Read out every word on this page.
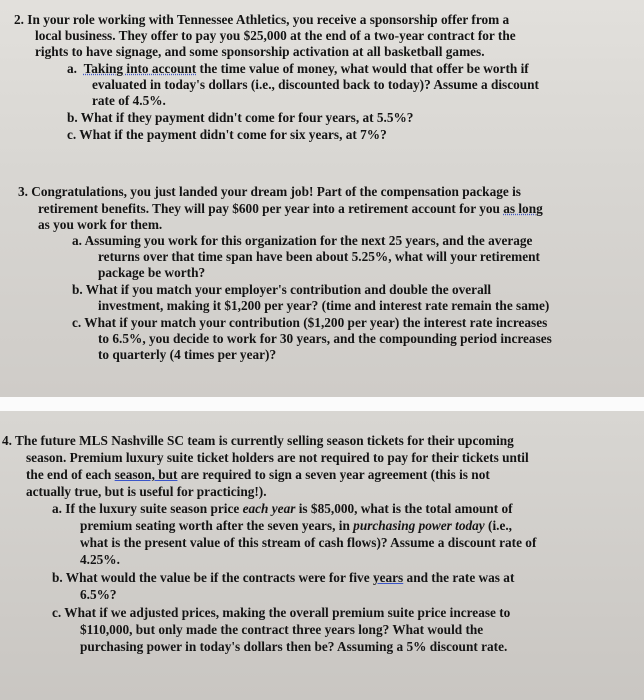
2. In your role working with Tennessee Athletics, you receive a sponsorship offer from a
local business. They offer to pay you $25,000 at the end of a two-year contract for the
rights to have signage, and some sponsorship activation at all basketball games.
a. Taking into account the time value of money, what would that offer be worth if
evaluated in today's dollars (i.e., discounted back to today)? Assume a discount
rate of 4.5%.
b. What if they payment didn't come for four years, at 5.5%?
c. What if the payment didn't come for six years, at 7%?
3. Congratulations, you just landed your dream job! Part of the compensation package is
retirement benefits. They will pay $600 per year into a retirement account for you as long
as you work for them.
a. Assuming you work for this organization for the next 25 years, and the average
returns over that time span have been about 5.25%, what will your retirement
package be worth?
b. What if you match your employer's contribution and double the overall
investment, making it $1,200 per year? (time and interest rate remain the same)
c. What if your match your contribution ($1,200 per year) the interest rate increases
to 6.5%, you decide to work for 30 years, and the compounding period increases
to quarterly (4 times per year)?
4. The future MLS Nashville SC team is currently selling season tickets for their upcoming
season. Premium luxury suite ticket holders are not required to pay for their tickets until
the end of each season, but are required to sign a seven year agreement (this is not
actually true, but is useful for practicing!).
a. If the luxury suite season price each year is $85,000, what is the total amount of
premium seating worth after the seven years, in purchasing power today (i.e.,
what is the present value of this stream of cash flows)? Assume a discount rate of
4.25%.
b. What would the value be if the contracts were for five years and the rate was at
6.5%?
c. What if we adjusted prices, making the overall premium suite price increase to
$110,000, but only made the contract three years long? What would the
purchasing power in today's dollars then be? Assuming a 5% discount rate.
